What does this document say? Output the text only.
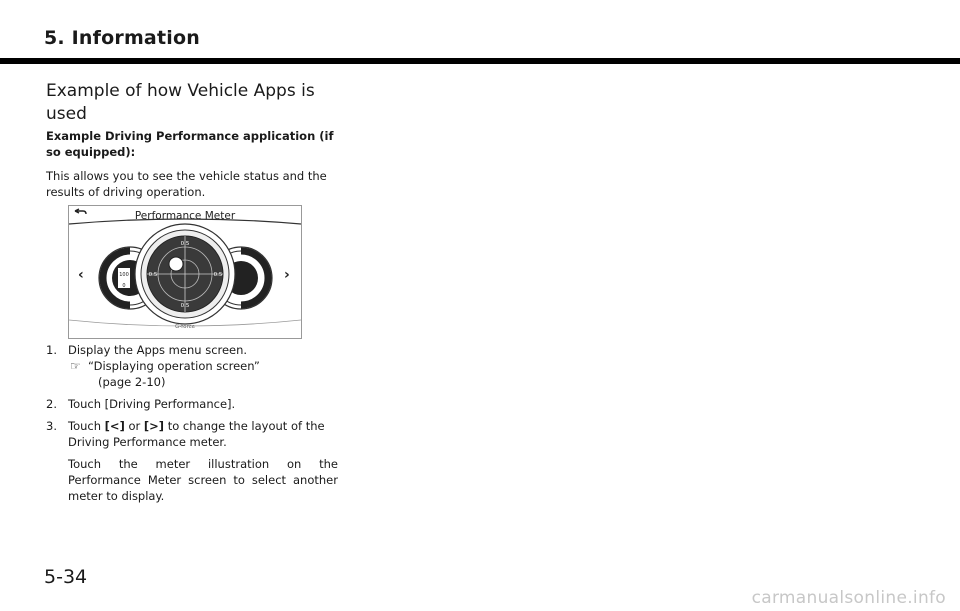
5. Information
Example of how Vehicle Apps is used
Example Driving Performance application (if so equipped):
This allows you to see the vehicle status and the results of driving operation.
Performance Meter
‹	›
100
0
0.5
0.5
0.5	0.5
G-force
1. Display the Apps menu screen.
☞ “Displaying operation screen”
(page 2-10)
2. Touch [Driving Performance].
3. Touch [<] or [>] to change the layout of the Driving Performance meter.
Touch the meter illustration on the Performance Meter screen to select another meter to display.
5-34
carmanualsonline.info
